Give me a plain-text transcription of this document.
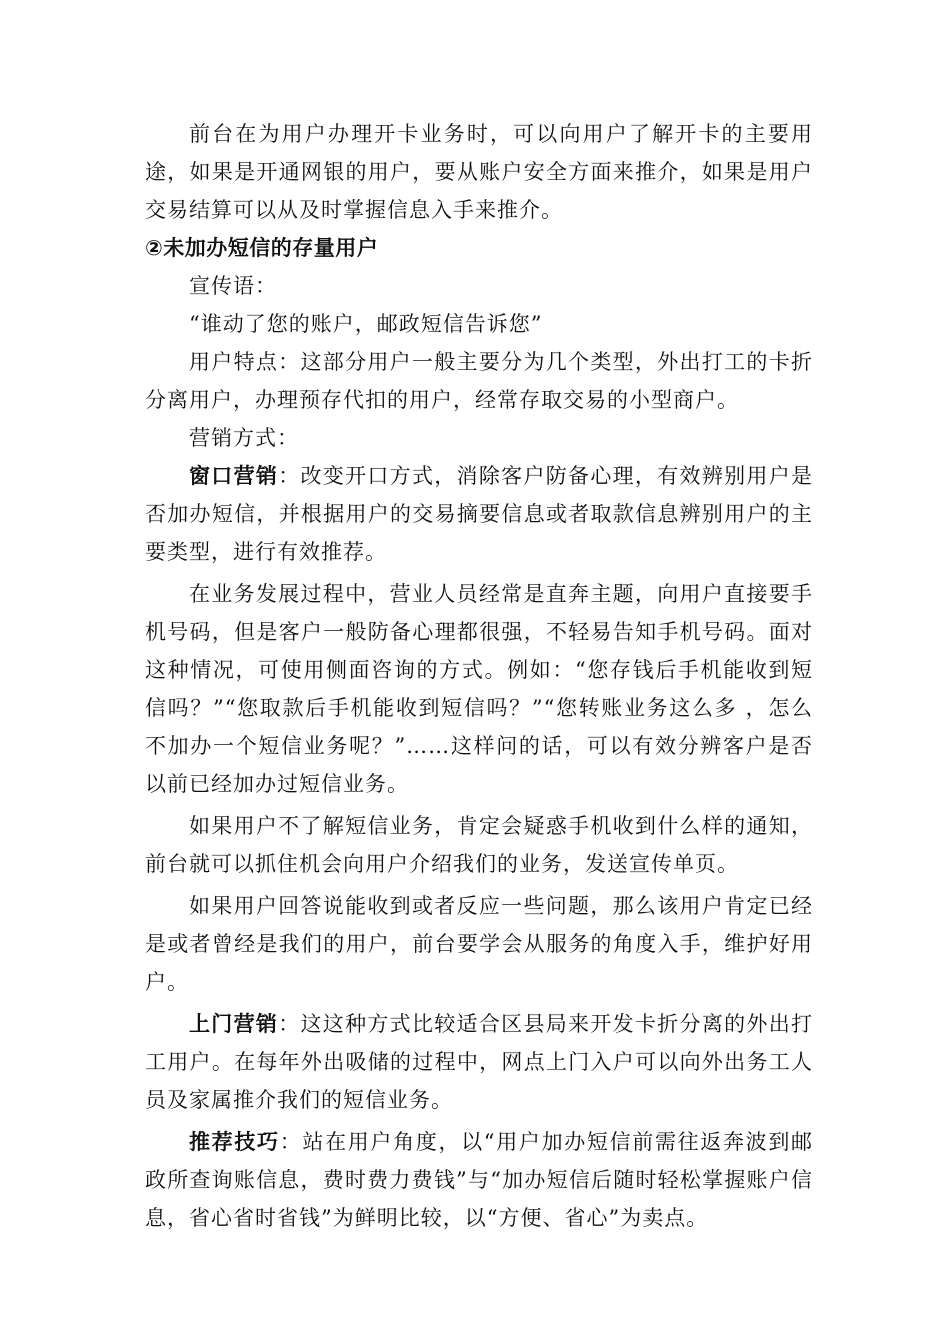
前台在为用户办理开卡业务时，可以向用户了解开卡的主要用途，如果是开通网银的用户，要从账户安全方面来推介，如果是用户交易结算可以从及时掌握信息入手来推介。

②未加办短信的存量用户

宣传语：

“谁动了您的账户，邮政短信告诉您”

用户特点：这部分用户一般主要分为几个类型，外出打工的卡折分离用户，办理预存代扣的用户，经常存取交易的小型商户。

营销方式：

窗口营销：改变开口方式，消除客户防备心理，有效辨别用户是否加办短信，并根据用户的交易摘要信息或者取款信息辨别用户的主要类型，进行有效推荐。

在业务发展过程中，营业人员经常是直奔主题，向用户直接要手机号码，但是客户一般防备心理都很强，不轻易告知手机号码。面对这种情况，可使用侧面咨询的方式。例如：“您存钱后手机能收到短信吗？”“您取款后手机能收到短信吗？”“您转账业务这么多 ，怎么不加办一个短信业务呢？”……这样问的话，可以有效分辨客户是否以前已经加办过短信业务。

如果用户不了解短信业务，肯定会疑惑手机收到什么样的通知，前台就可以抓住机会向用户介绍我们的业务，发送宣传单页。

如果用户回答说能收到或者反应一些问题，那么该用户肯定已经是或者曾经是我们的用户，前台要学会从服务的角度入手，维护好用户。

上门营销：这这种方式比较适合区县局来开发卡折分离的外出打工用户。在每年外出吸储的过程中，网点上门入户可以向外出务工人员及家属推介我们的短信业务。

推荐技巧：站在用户角度，以“用户加办短信前需往返奔波到邮政所查询账信息，费时费力费钱”与“加办短信后随时轻松掌握账户信息，省心省时省钱”为鲜明比较，以“方便、省心”为卖点。
